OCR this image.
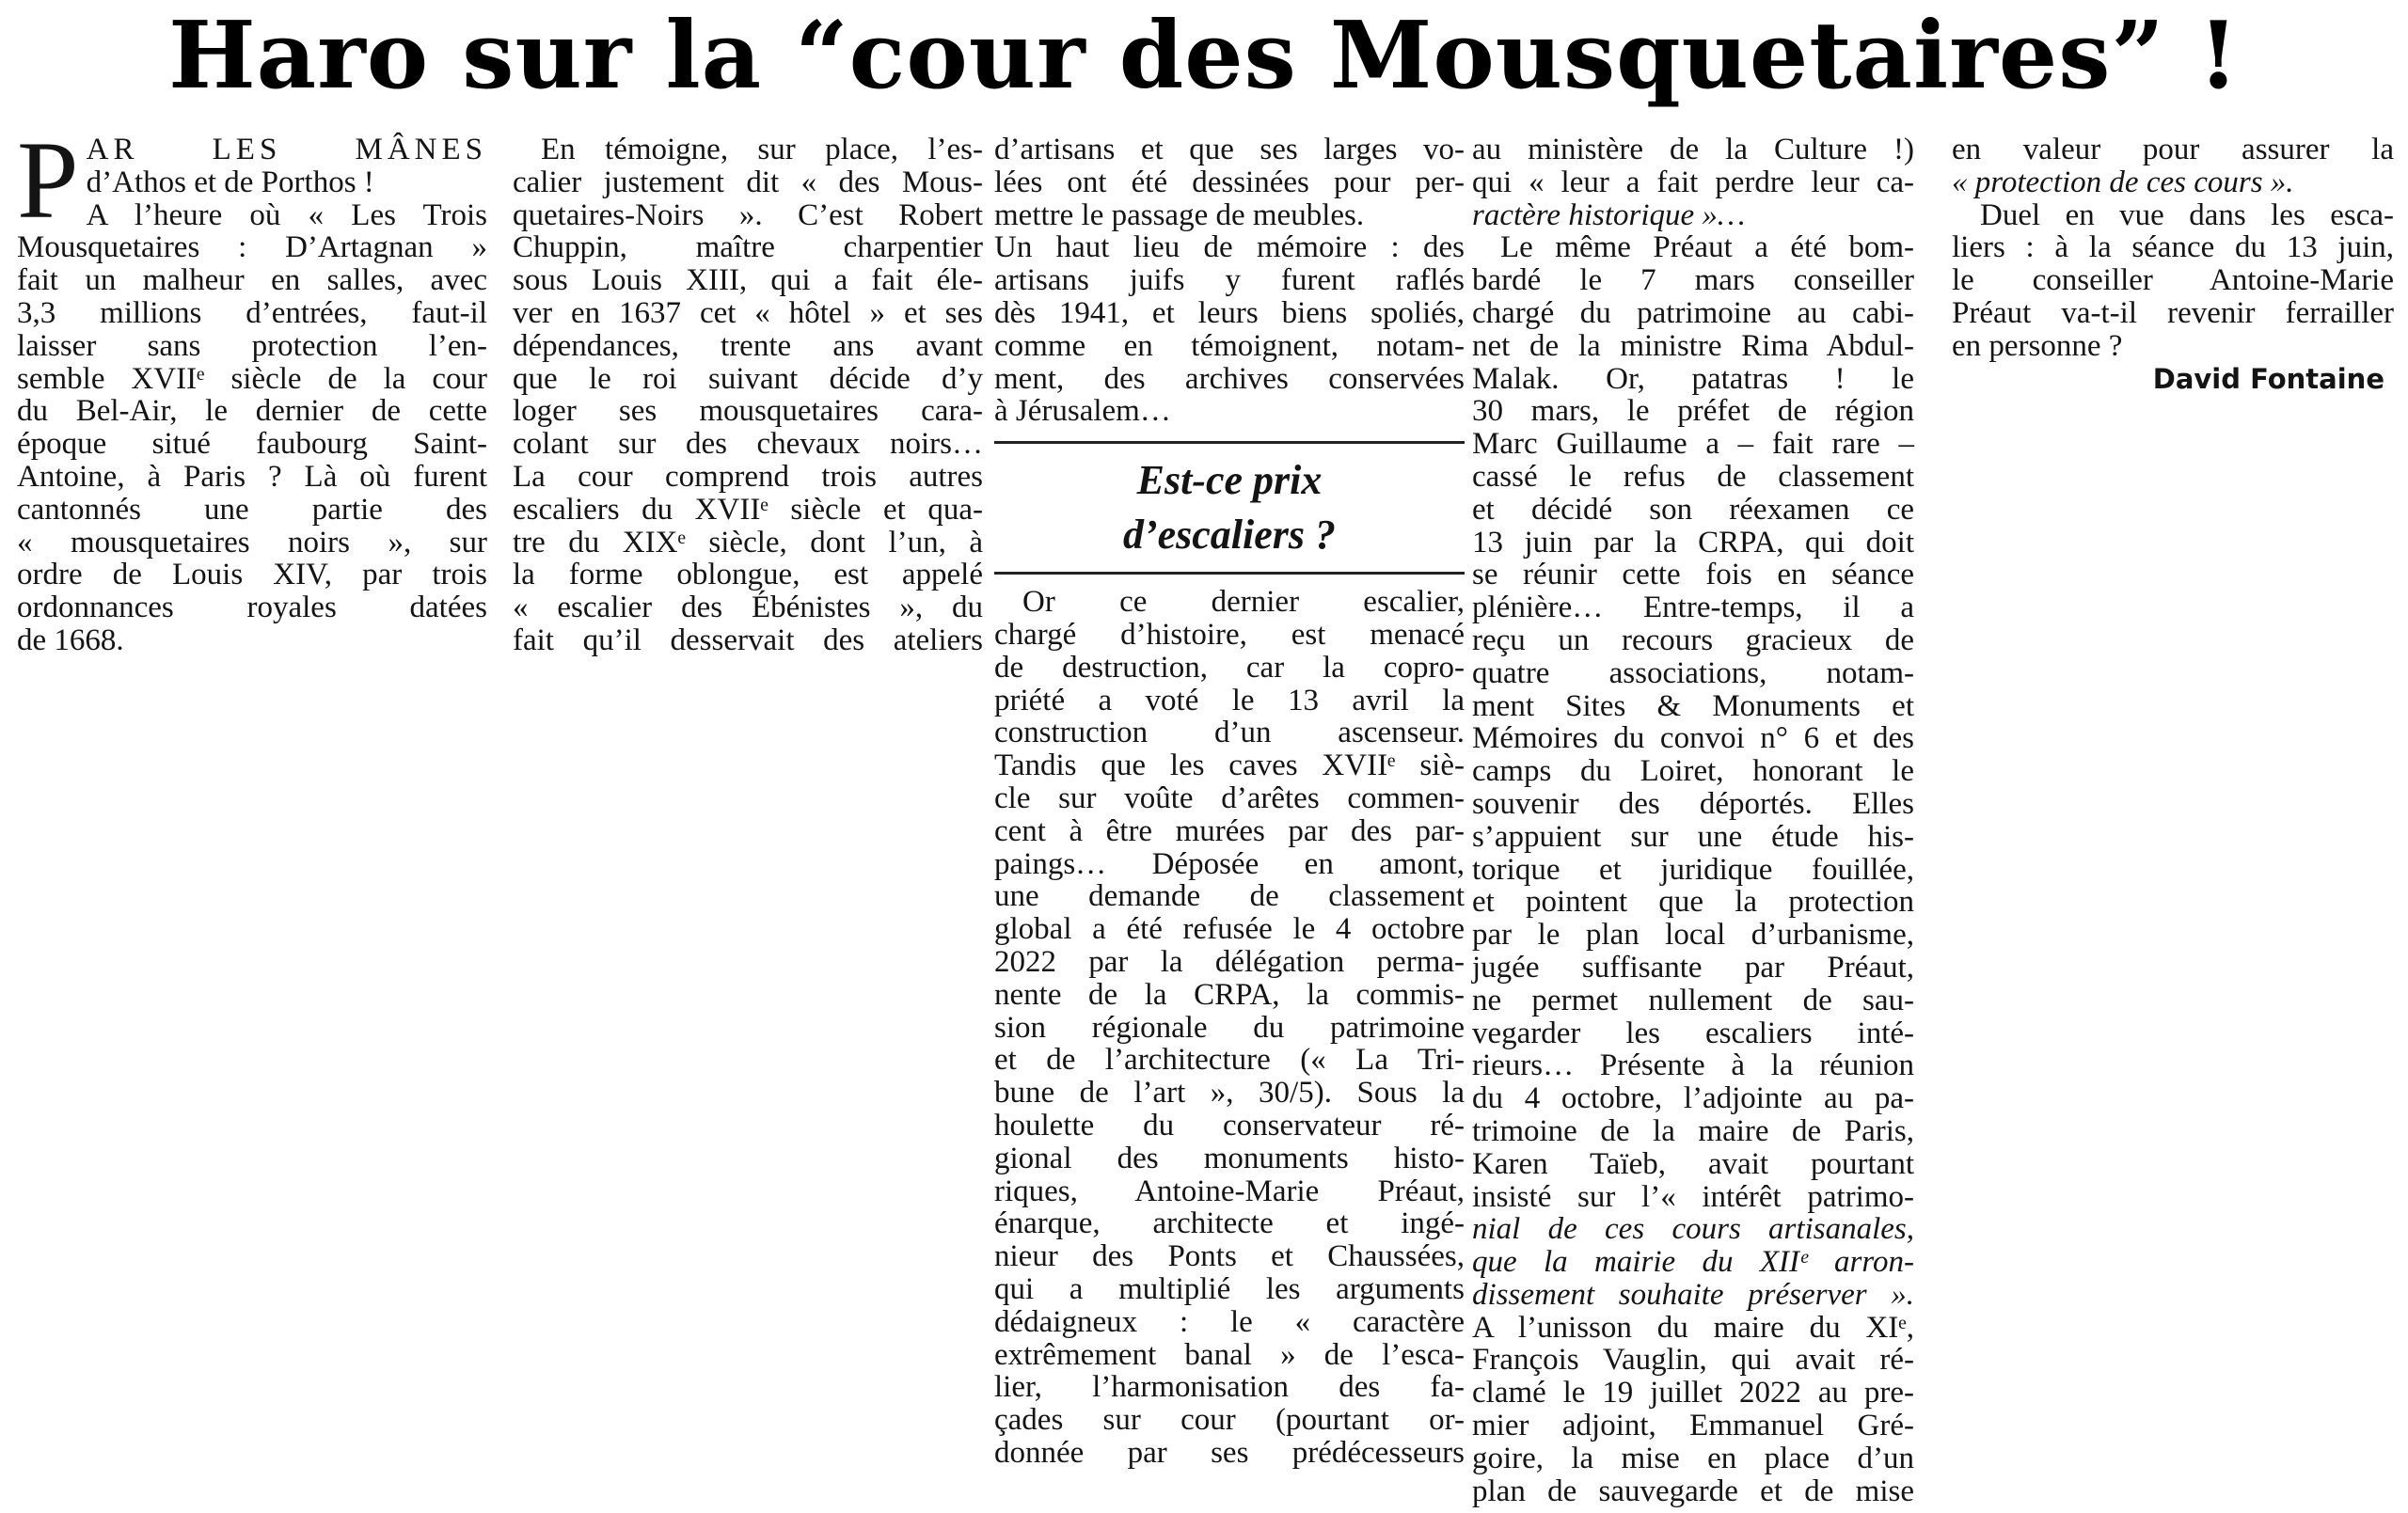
Haro sur la “cour des Mousquetaires” !
P AR LES MÂNES
d’Athos et de Porthos !
A l’heure où « Les Trois
Mousquetaires : D’Artagnan »
fait un malheur en salles, avec
3,3 millions d’entrées, faut-il
laisser sans protection l’en-
semble XVIIᵉ siècle de la cour
du Bel-Air, le dernier de cette
époque situé faubourg Saint-
Antoine, à Paris ? Là où furent
cantonnés une partie des
« mousquetaires noirs », sur
ordre de Louis XIV, par trois
ordonnances royales datées
de 1668.
En témoigne, sur place, l’es-
calier justement dit « des Mous-
quetaires-Noirs ». C’est Robert
Chuppin, maître charpentier
sous Louis XIII, qui a fait éle-
ver en 1637 cet « hôtel » et ses
dépendances, trente ans avant
que le roi suivant décide d’y
loger ses mousquetaires cara-
colant sur des chevaux noirs…
La cour comprend trois autres
escaliers du XVIIᵉ siècle et qua-
tre du XIXᵉ siècle, dont l’un, à
la forme oblongue, est appelé
« escalier des Ébénistes », du
fait qu’il desservait des ateliers
d’artisans et que ses larges vo-
lées ont été dessinées pour per-
mettre le passage de meubles.
Un haut lieu de mémoire : des
artisans juifs y furent raflés
dès 1941, et leurs biens spoliés,
comme en témoignent, notam-
ment, des archives conservées
à Jérusalem…
Est-ce prix
d’escaliers ?
Or ce dernier escalier,
chargé d’histoire, est menacé
de destruction, car la copro-
priété a voté le 13 avril la
construction d’un ascenseur.
Tandis que les caves XVIIᵉ siè-
cle sur voûte d’arêtes commen-
cent à être murées par des par-
paings… Déposée en amont,
une demande de classement
global a été refusée le 4 octobre
2022 par la délégation perma-
nente de la CRPA, la commis-
sion régionale du patrimoine
et de l’architecture (« La Tri-
bune de l’art », 30/5). Sous la
houlette du conservateur ré-
gional des monuments histo-
riques, Antoine-Marie Préaut,
énarque, architecte et ingé-
nieur des Ponts et Chaussées,
qui a multiplié les arguments
dédaigneux : le « caractère
extrêmement banal » de l’esca-
lier, l’harmonisation des fa-
çades sur cour (pourtant or-
donnée par ses prédécesseurs
au ministère de la Culture !)
qui « leur a fait perdre leur ca-
ractère historique »…
Le même Préaut a été bom-
bardé le 7 mars conseiller
chargé du patrimoine au cabi-
net de la ministre Rima Abdul-
Malak. Or, patatras ! le
30 mars, le préfet de région
Marc Guillaume a – fait rare –
cassé le refus de classement
et décidé son réexamen ce
13 juin par la CRPA, qui doit
se réunir cette fois en séance
plénière… Entre-temps, il a
reçu un recours gracieux de
quatre associations, notam-
ment Sites & Monuments et
Mémoires du convoi n° 6 et des
camps du Loiret, honorant le
souvenir des déportés. Elles
s’appuient sur une étude his-
torique et juridique fouillée,
et pointent que la protection
par le plan local d’urbanisme,
jugée suffisante par Préaut,
ne permet nullement de sau-
vegarder les escaliers inté-
rieurs… Présente à la réunion
du 4 octobre, l’adjointe au pa-
trimoine de la maire de Paris,
Karen Taïeb, avait pourtant
insisté sur l’« intérêt patrimo-
nial de ces cours artisanales,
que la mairie du XIIᵉ arron-
dissement souhaite préserver ».
A l’unisson du maire du XIᵉ,
François Vauglin, qui avait ré-
clamé le 19 juillet 2022 au pre-
mier adjoint, Emmanuel Gré-
goire, la mise en place d’un
plan de sauvegarde et de mise
en valeur pour assurer la
« protection de ces cours ».
Duel en vue dans les esca-
liers : à la séance du 13 juin,
le conseiller Antoine-Marie
Préaut va-t-il revenir ferrailler
en personne ?
David Fontaine
